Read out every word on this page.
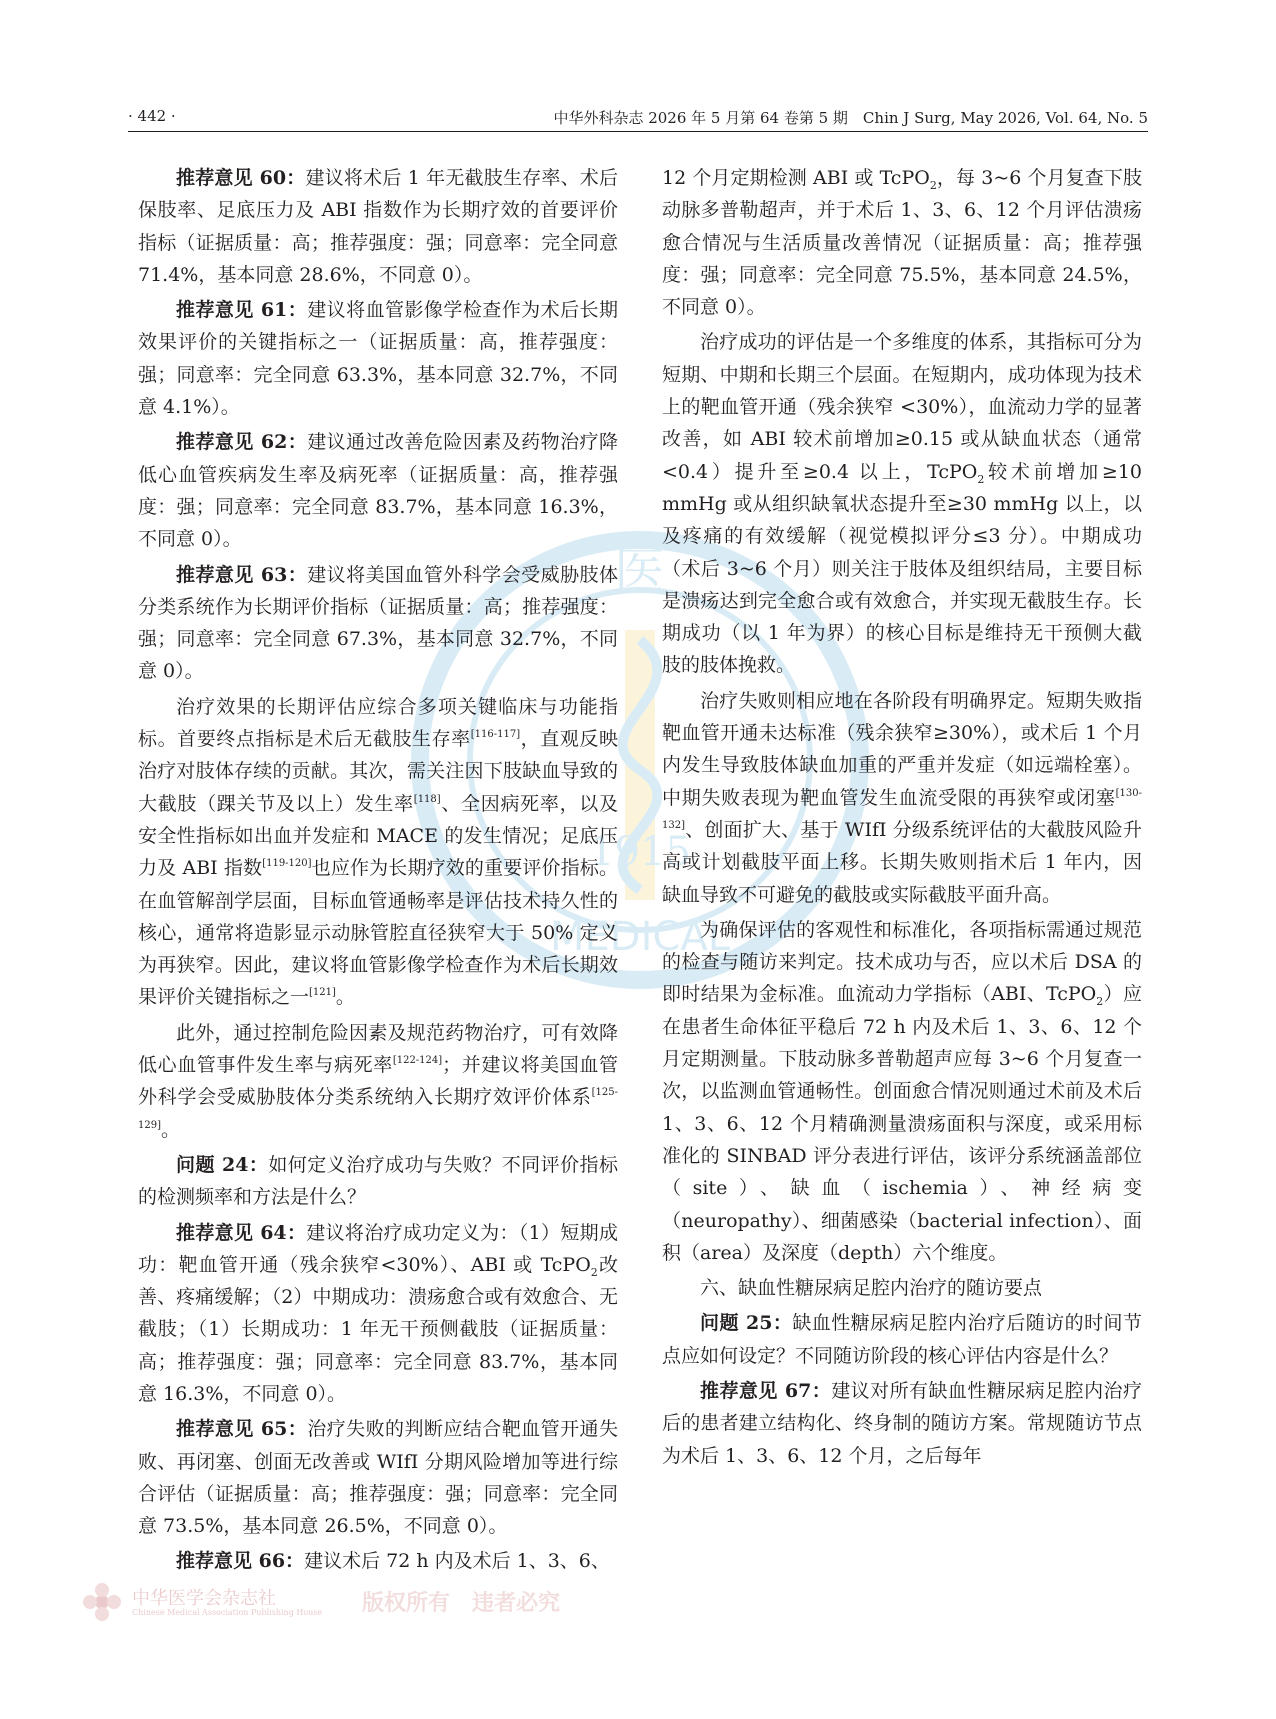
· 442 ·	中华外科杂志 2026 年 5 月第 64 卷第 5 期　Chin J Surg, May 2026, Vol. 64, No. 5
医
1915
MEDICAL

推荐意见 60：建议将术后 1 年无截肢生存率、术后保肢率、足底压力及 ABI 指数作为长期疗效的首要评价指标（证据质量：高；推荐强度：强；同意率：完全同意 71.4%，基本同意 28.6%，不同意 0）。

推荐意见 61：建议将血管影像学检查作为术后长期效果评价的关键指标之一（证据质量：高，推荐强度：强；同意率：完全同意 63.3%，基本同意 32.7%，不同意 4.1%）。

推荐意见 62：建议通过改善危险因素及药物治疗降低心血管疾病发生率及病死率（证据质量：高，推荐强度：强；同意率：完全同意 83.7%，基本同意 16.3%，不同意 0）。

推荐意见 63：建议将美国血管外科学会受威胁肢体分类系统作为长期评价指标（证据质量：高；推荐强度：强；同意率：完全同意 67.3%，基本同意 32.7%，不同意 0）。

治疗效果的长期评估应综合多项关键临床与功能指标。首要终点指标是术后无截肢生存率[116-117]，直观反映治疗对肢体存续的贡献。其次，需关注因下肢缺血导致的大截肢（踝关节及以上）发生率[118]、全因病死率，以及安全性指标如出血并发症和 MACE 的发生情况；足底压力及 ABI 指数[119-120]也应作为长期疗效的重要评价指标。在血管解剖学层面，目标血管通畅率是评估技术持久性的核心，通常将造影显示动脉管腔直径狭窄大于 50% 定义为再狭窄。因此，建议将血管影像学检查作为术后长期效果评价关键指标之一[121]。

此外，通过控制危险因素及规范药物治疗，可有效降低心血管事件发生率与病死率[122-124]；并建议将美国血管外科学会受威胁肢体分类系统纳入长期疗效评价体系[125-129]。

问题 24：如何定义治疗成功与失败？不同评价指标的检测频率和方法是什么？

推荐意见 64：建议将治疗成功定义为：（1）短期成功：靶血管开通（残余狭窄<30%）、ABI 或 TcPO$_2$改善、疼痛缓解；（2）中期成功：溃疡愈合或有效愈合、无截肢；（1）长期成功：1 年无干预侧截肢（证据质量：高；推荐强度：强；同意率：完全同意 83.7%，基本同意 16.3%，不同意 0）。

推荐意见 65：治疗失败的判断应结合靶血管开通失败、再闭塞、创面无改善或 WIfI 分期风险增加等进行综合评估（证据质量：高；推荐强度：强；同意率：完全同意 73.5%，基本同意 26.5%，不同意 0）。

推荐意见 66：建议术后 72 h 内及术后 1、3、6、

12 个月定期检测 ABI 或 TcPO$_2$，每 3~6 个月复查下肢动脉多普勒超声，并于术后 1、3、6、12 个月评估溃疡愈合情况与生活质量改善情况（证据质量：高；推荐强度：强；同意率：完全同意 75.5%，基本同意 24.5%，不同意 0）。

治疗成功的评估是一个多维度的体系，其指标可分为短期、中期和长期三个层面。在短期内，成功体现为技术上的靶血管开通（残余狭窄 <30%），血流动力学的显著改善，如 ABI 较术前增加≥0.15 或从缺血状态（通常<0.4）提升至≥0.4 以上，TcPO$_2$较术前增加≥10 mmHg 或从组织缺氧状态提升至≥30 mmHg 以上，以及疼痛的有效缓解（视觉模拟评分≤3 分）。中期成功（术后 3~6 个月）则关注于肢体及组织结局，主要目标是溃疡达到完全愈合或有效愈合，并实现无截肢生存。长期成功（以 1 年为界）的核心目标是维持无干预侧大截肢的肢体挽救。

治疗失败则相应地在各阶段有明确界定。短期失败指靶血管开通未达标准（残余狭窄≥30%），或术后 1 个月内发生导致肢体缺血加重的严重并发症（如远端栓塞）。中期失败表现为靶血管发生血流受限的再狭窄或闭塞[130-132]、创面扩大、基于 WIfI 分级系统评估的大截肢风险升高或计划截肢平面上移。长期失败则指术后 1 年内，因缺血导致不可避免的截肢或实际截肢平面升高。

为确保评估的客观性和标准化，各项指标需通过规范的检查与随访来判定。技术成功与否，应以术后 DSA 的即时结果为金标准。血流动力学指标（ABI、TcPO$_2$）应在患者生命体征平稳后 72 h 内及术后 1、3、6、12 个月定期测量。下肢动脉多普勒超声应每 3~6 个月复查一次，以监测血管通畅性。创面愈合情况则通过术前及术后 1、3、6、12 个月精确测量溃疡面积与深度，或采用标准化的 SINBAD 评分表进行评估，该评分系统涵盖部位（site）、缺血（ischemia）、神经病变（neuropathy）、细菌感染（bacterial infection）、面积（area）及深度（depth）六个维度。

六、缺血性糖尿病足腔内治疗的随访要点

问题 25：缺血性糖尿病足腔内治疗后随访的时间节点应如何设定？不同随访阶段的核心评估内容是什么？

推荐意见 67：建议对所有缺血性糖尿病足腔内治疗后的患者建立结构化、终身制的随访方案。常规随访节点为术后 1、3、6、12 个月，之后每年

中华医学会杂志社
Chinese Medical Association Publishing House 版权所有　违者必究
